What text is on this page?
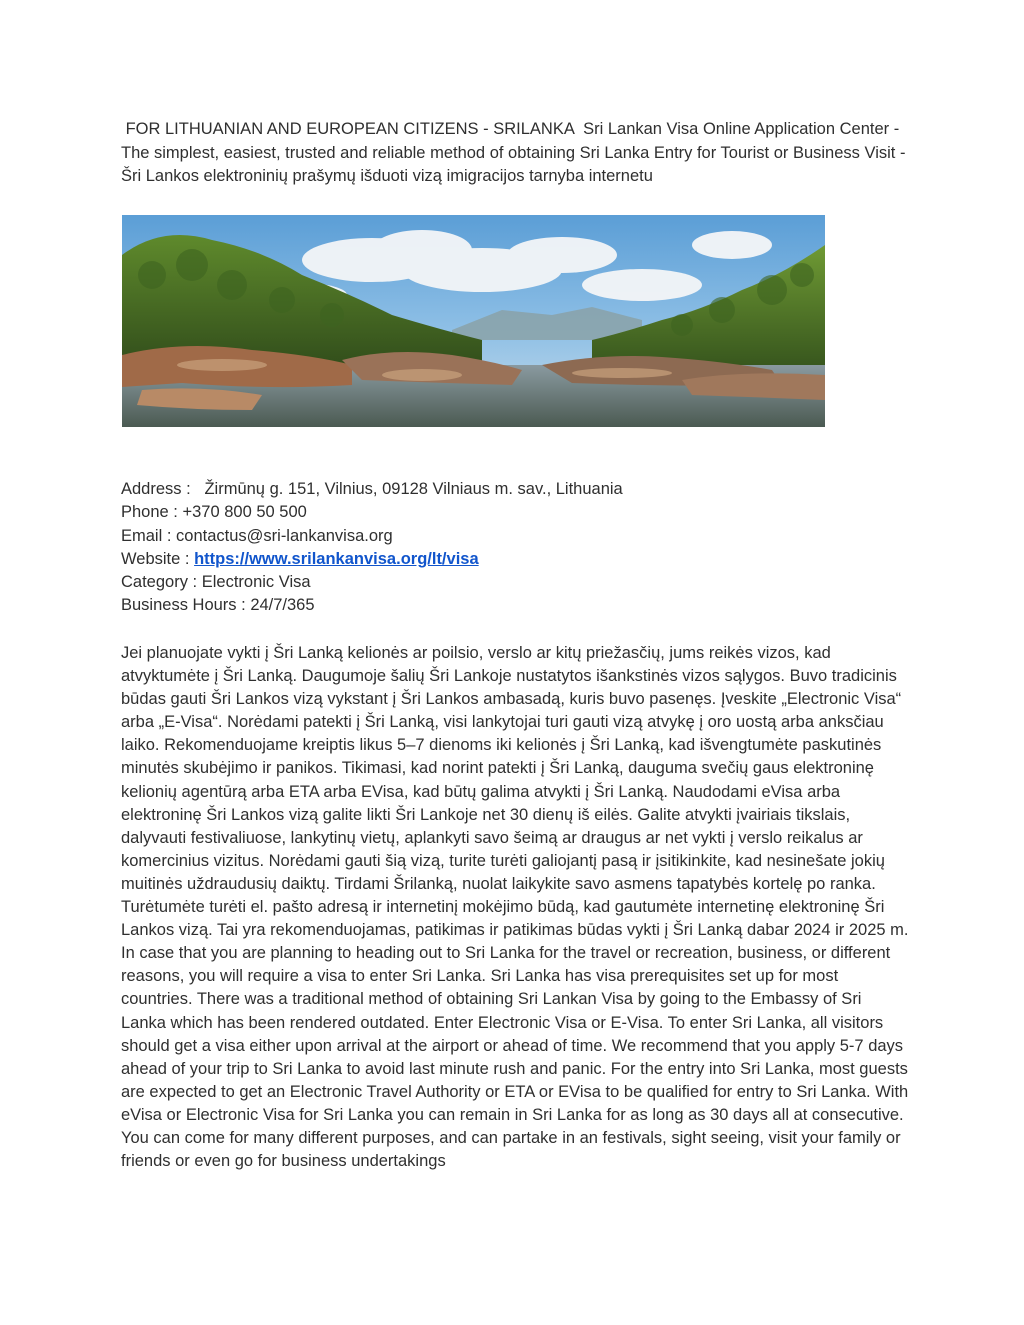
FOR LITHUANIAN AND EUROPEAN CITIZENS - SRILANKA  Sri Lankan Visa Online Application Center - The simplest, easiest, trusted and reliable method of obtaining Sri Lanka Entry for Tourist or Business Visit - Šri Lankos elektroninių prašymų išduoti vizą imigracijos tarnyba internetu

Address : Žirmūnų g. 151, Vilnius, 09128 Vilniaus m. sav., Lithuania
Phone : +370 800 50 500
Email : contactus@sri-lankanvisa.org
Website : https://www.srilankanvisa.org/lt/visa
Category : Electronic Visa
Business Hours : 24/7/365

Jei planuojate vykti į Šri Lanką kelionės ar poilsio, verslo ar kitų priežasčių, jums reikės vizos, kad atvyktumėte į Šri Lanką. Daugumoje šalių Šri Lankoje nustatytos išankstinės vizos sąlygos. Buvo tradicinis būdas gauti Šri Lankos vizą vykstant į Šri Lankos ambasadą, kuris buvo pasenęs. Įveskite „Electronic Visa“ arba „E-Visa“. Norėdami patekti į Šri Lanką, visi lankytojai turi gauti vizą atvykę į oro uostą arba anksčiau laiko. Rekomenduojame kreiptis likus 5–7 dienoms iki kelionės į Šri Lanką, kad išvengtumėte paskutinės minutės skubėjimo ir panikos. Tikimasi, kad norint patekti į Šri Lanką, dauguma svečių gaus elektroninę kelionių agentūrą arba ETA arba EVisa, kad būtų galima atvykti į Šri Lanką. Naudodami eVisa arba elektroninę Šri Lankos vizą galite likti Šri Lankoje net 30 dienų iš eilės. Galite atvykti įvairiais tikslais, dalyvauti festivaliuose, lankytinų vietų, aplankyti savo šeimą ar draugus ar net vykti į verslo reikalus ar komercinius vizitus. Norėdami gauti šią vizą, turite turėti galiojantį pasą ir įsitikinkite, kad nesinešate jokių muitinės uždraudusių daiktų. Tirdami Šrilanką, nuolat laikykite savo asmens tapatybės kortelę po ranka. Turėtumėte turėti el. pašto adresą ir internetinį mokėjimo būdą, kad gautumėte internetinę elektroninę Šri Lankos vizą. Tai yra rekomenduojamas, patikimas ir patikimas būdas vykti į Šri Lanką dabar 2024 ir 2025 m. In case that you are planning to heading out to Sri Lanka for the travel or recreation, business, or different reasons, you will require a visa to enter Sri Lanka. Sri Lanka has visa prerequisites set up for most countries. There was a traditional method of obtaining Sri Lankan Visa by going to the Embassy of Sri Lanka which has been rendered outdated. Enter Electronic Visa or E-Visa. To enter Sri Lanka, all visitors should get a visa either upon arrival at the airport or ahead of time. We recommend that you apply 5-7 days ahead of your trip to Sri Lanka to avoid last minute rush and panic. For the entry into Sri Lanka, most guests are expected to get an Electronic Travel Authority or ETA or EVisa to be qualified for entry to Sri Lanka. With eVisa or Electronic Visa for Sri Lanka you can remain in Sri Lanka for as long as 30 days all at consecutive. You can come for many different purposes, and can partake in an festivals, sight seeing, visit your family or friends or even go for business undertakings
